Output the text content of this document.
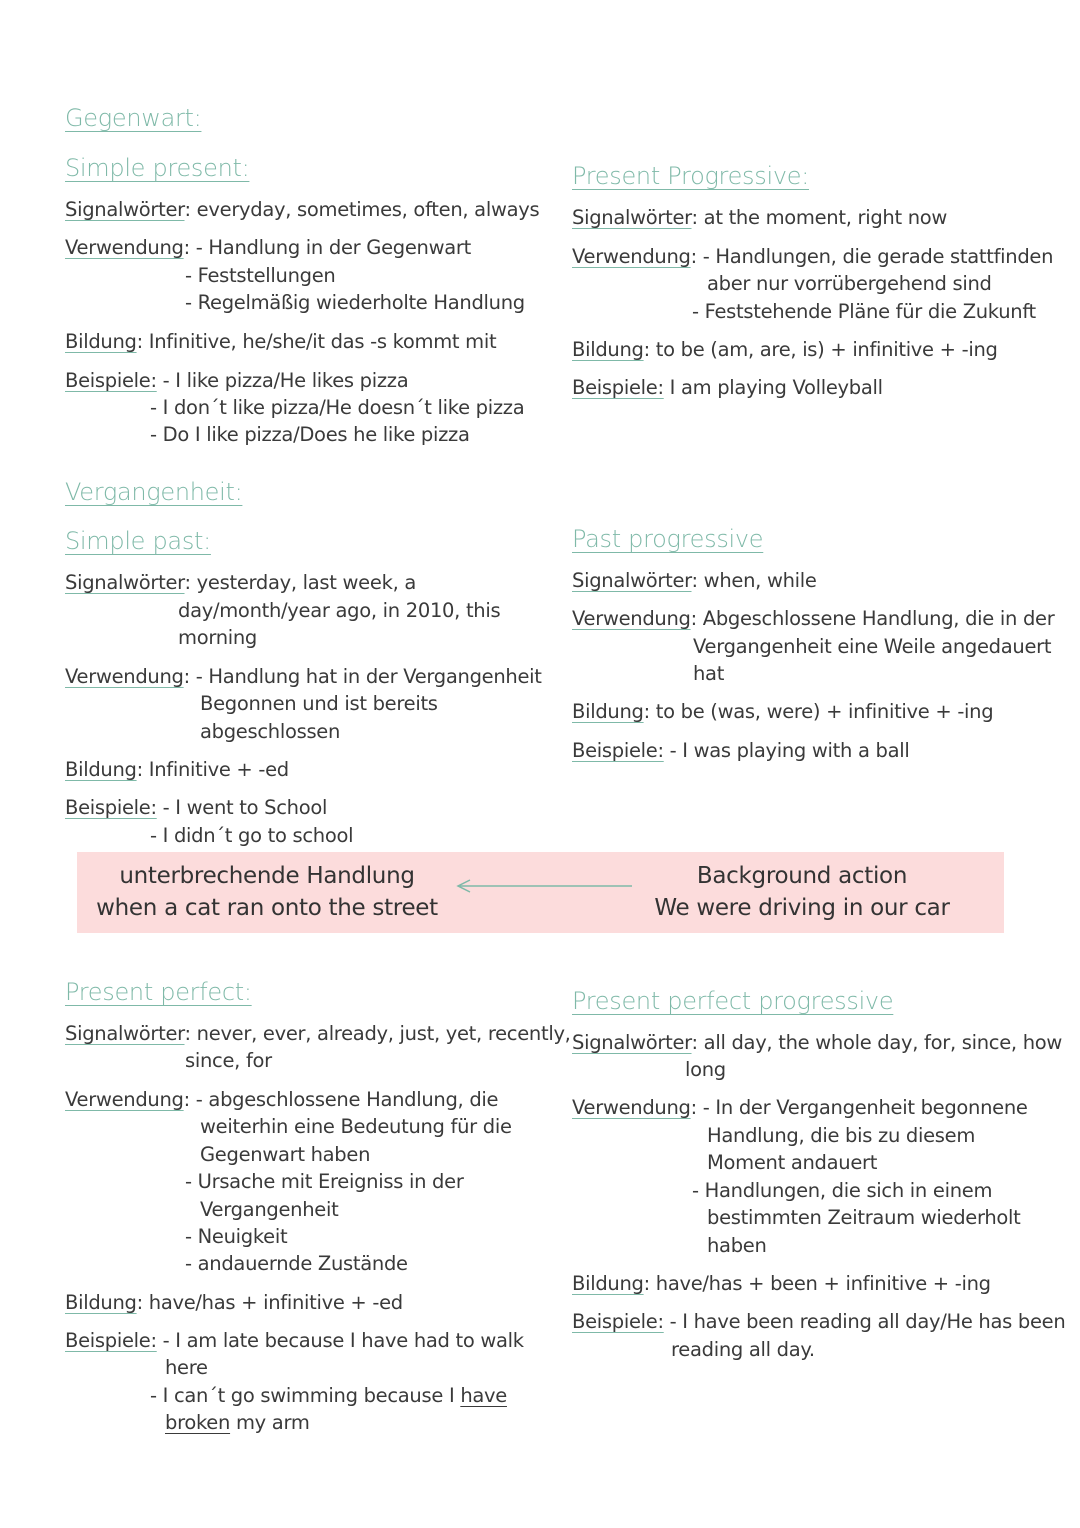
Gegenwart:
Simple present:
Signalwörter: everyday, sometimes, often, always
Verwendung: - Handlung in der Gegenwart
- Feststellungen
- Regelmäßig wiederholte Handlung
Bildung: Infinitive, he/she/it das -s kommt mit
Beispiele: - I like pizza/He likes pizza
- I don´t like pizza/He doesn´t like pizza
- Do I like pizza/Does he like pizza
Present Progressive:
Signalwörter: at the moment, right now
Verwendung: - Handlungen, die gerade stattfinden
aber nur vorrübergehend sind
- Feststehende Pläne für die Zukunft
Bildung: to be (am, are, is) + infinitive + -ing
Beispiele: I am playing Volleyball
Vergangenheit:
Simple past:
Signalwörter: yesterday, last week, a
day/month/year ago, in 2010, this
morning
Verwendung: - Handlung hat in der Vergangenheit
Begonnen und ist bereits
abgeschlossen
Bildung: Infinitive + -ed
Beispiele: - I went to School
- I didn´t go to school
Past progressive
Signalwörter: when, while
Verwendung: Abgeschlossene Handlung, die in der
Vergangenheit eine Weile angedauert
hat
Bildung: to be (was, were) + infinitive + -ing
Beispiele: - I was playing with a ball
unterbrechende Handlung
when a cat ran onto the street
Background action
We were driving in our car
Present perfect:
Signalwörter: never, ever, already, just, yet, recently,
since, for
Verwendung: - abgeschlossene Handlung, die
weiterhin eine Bedeutung für die
Gegenwart haben
- Ursache mit Ereigniss in der
Vergangenheit
- Neuigkeit
- andauernde Zustände
Bildung: have/has + infinitive + -ed
Beispiele: - I am late because I have had to walk
here
- I can´t go swimming because I have
broken my arm
Present perfect progressive
Signalwörter: all day, the whole day, for, since, how
long
Verwendung: - In der Vergangenheit begonnene
Handlung, die bis zu diesem
Moment andauert
- Handlungen, die sich in einem
bestimmten Zeitraum wiederholt
haben
Bildung: have/has + been + infinitive + -ing
Beispiele: - I have been reading all day/He has been
reading all day.
